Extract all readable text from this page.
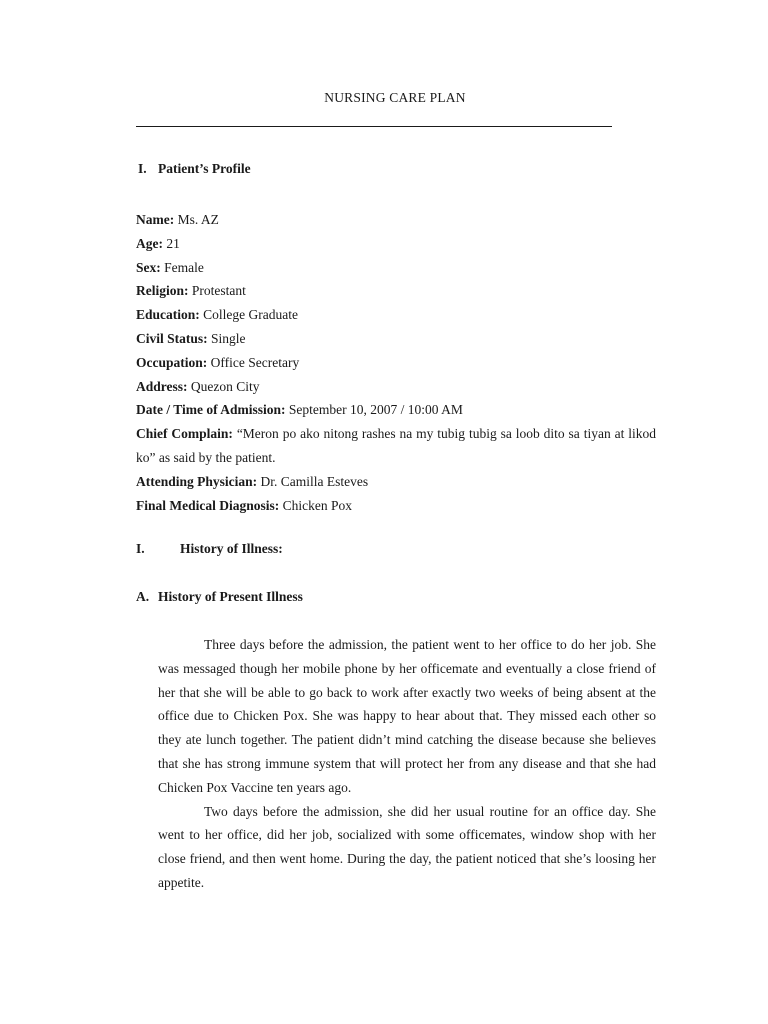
NURSING CARE PLAN
I. Patient’s Profile
Name: Ms. AZ
Age: 21
Sex: Female
Religion: Protestant
Education: College Graduate
Civil Status: Single
Occupation: Office Secretary
Address: Quezon City
Date / Time of Admission: September 10, 2007 / 10:00 AM
Chief Complain: “Meron po ako nitong rashes na my tubig tubig sa loob dito sa tiyan at likod ko” as said by the patient.
Attending Physician: Dr. Camilla Esteves
Final Medical Diagnosis: Chicken Pox
I.	History of Illness:
A. History of Present Illness

Three days before the admission, the patient went to her office to do her job. She was messaged though her mobile phone by her officemate and eventually a close friend of her that she will be able to go back to work after exactly two weeks of being absent at the office due to Chicken Pox. She was happy to hear about that. They missed each other so they ate lunch together. The patient didn’t mind catching the disease because she believes that she has strong immune system that will protect her from any disease and that she had Chicken Pox Vaccine ten years ago.

Two days before the admission, she did her usual routine for an office day. She went to her office, did her job, socialized with some officemates, window shop with her close friend, and then went home. During the day, the patient noticed that she’s loosing her appetite.
